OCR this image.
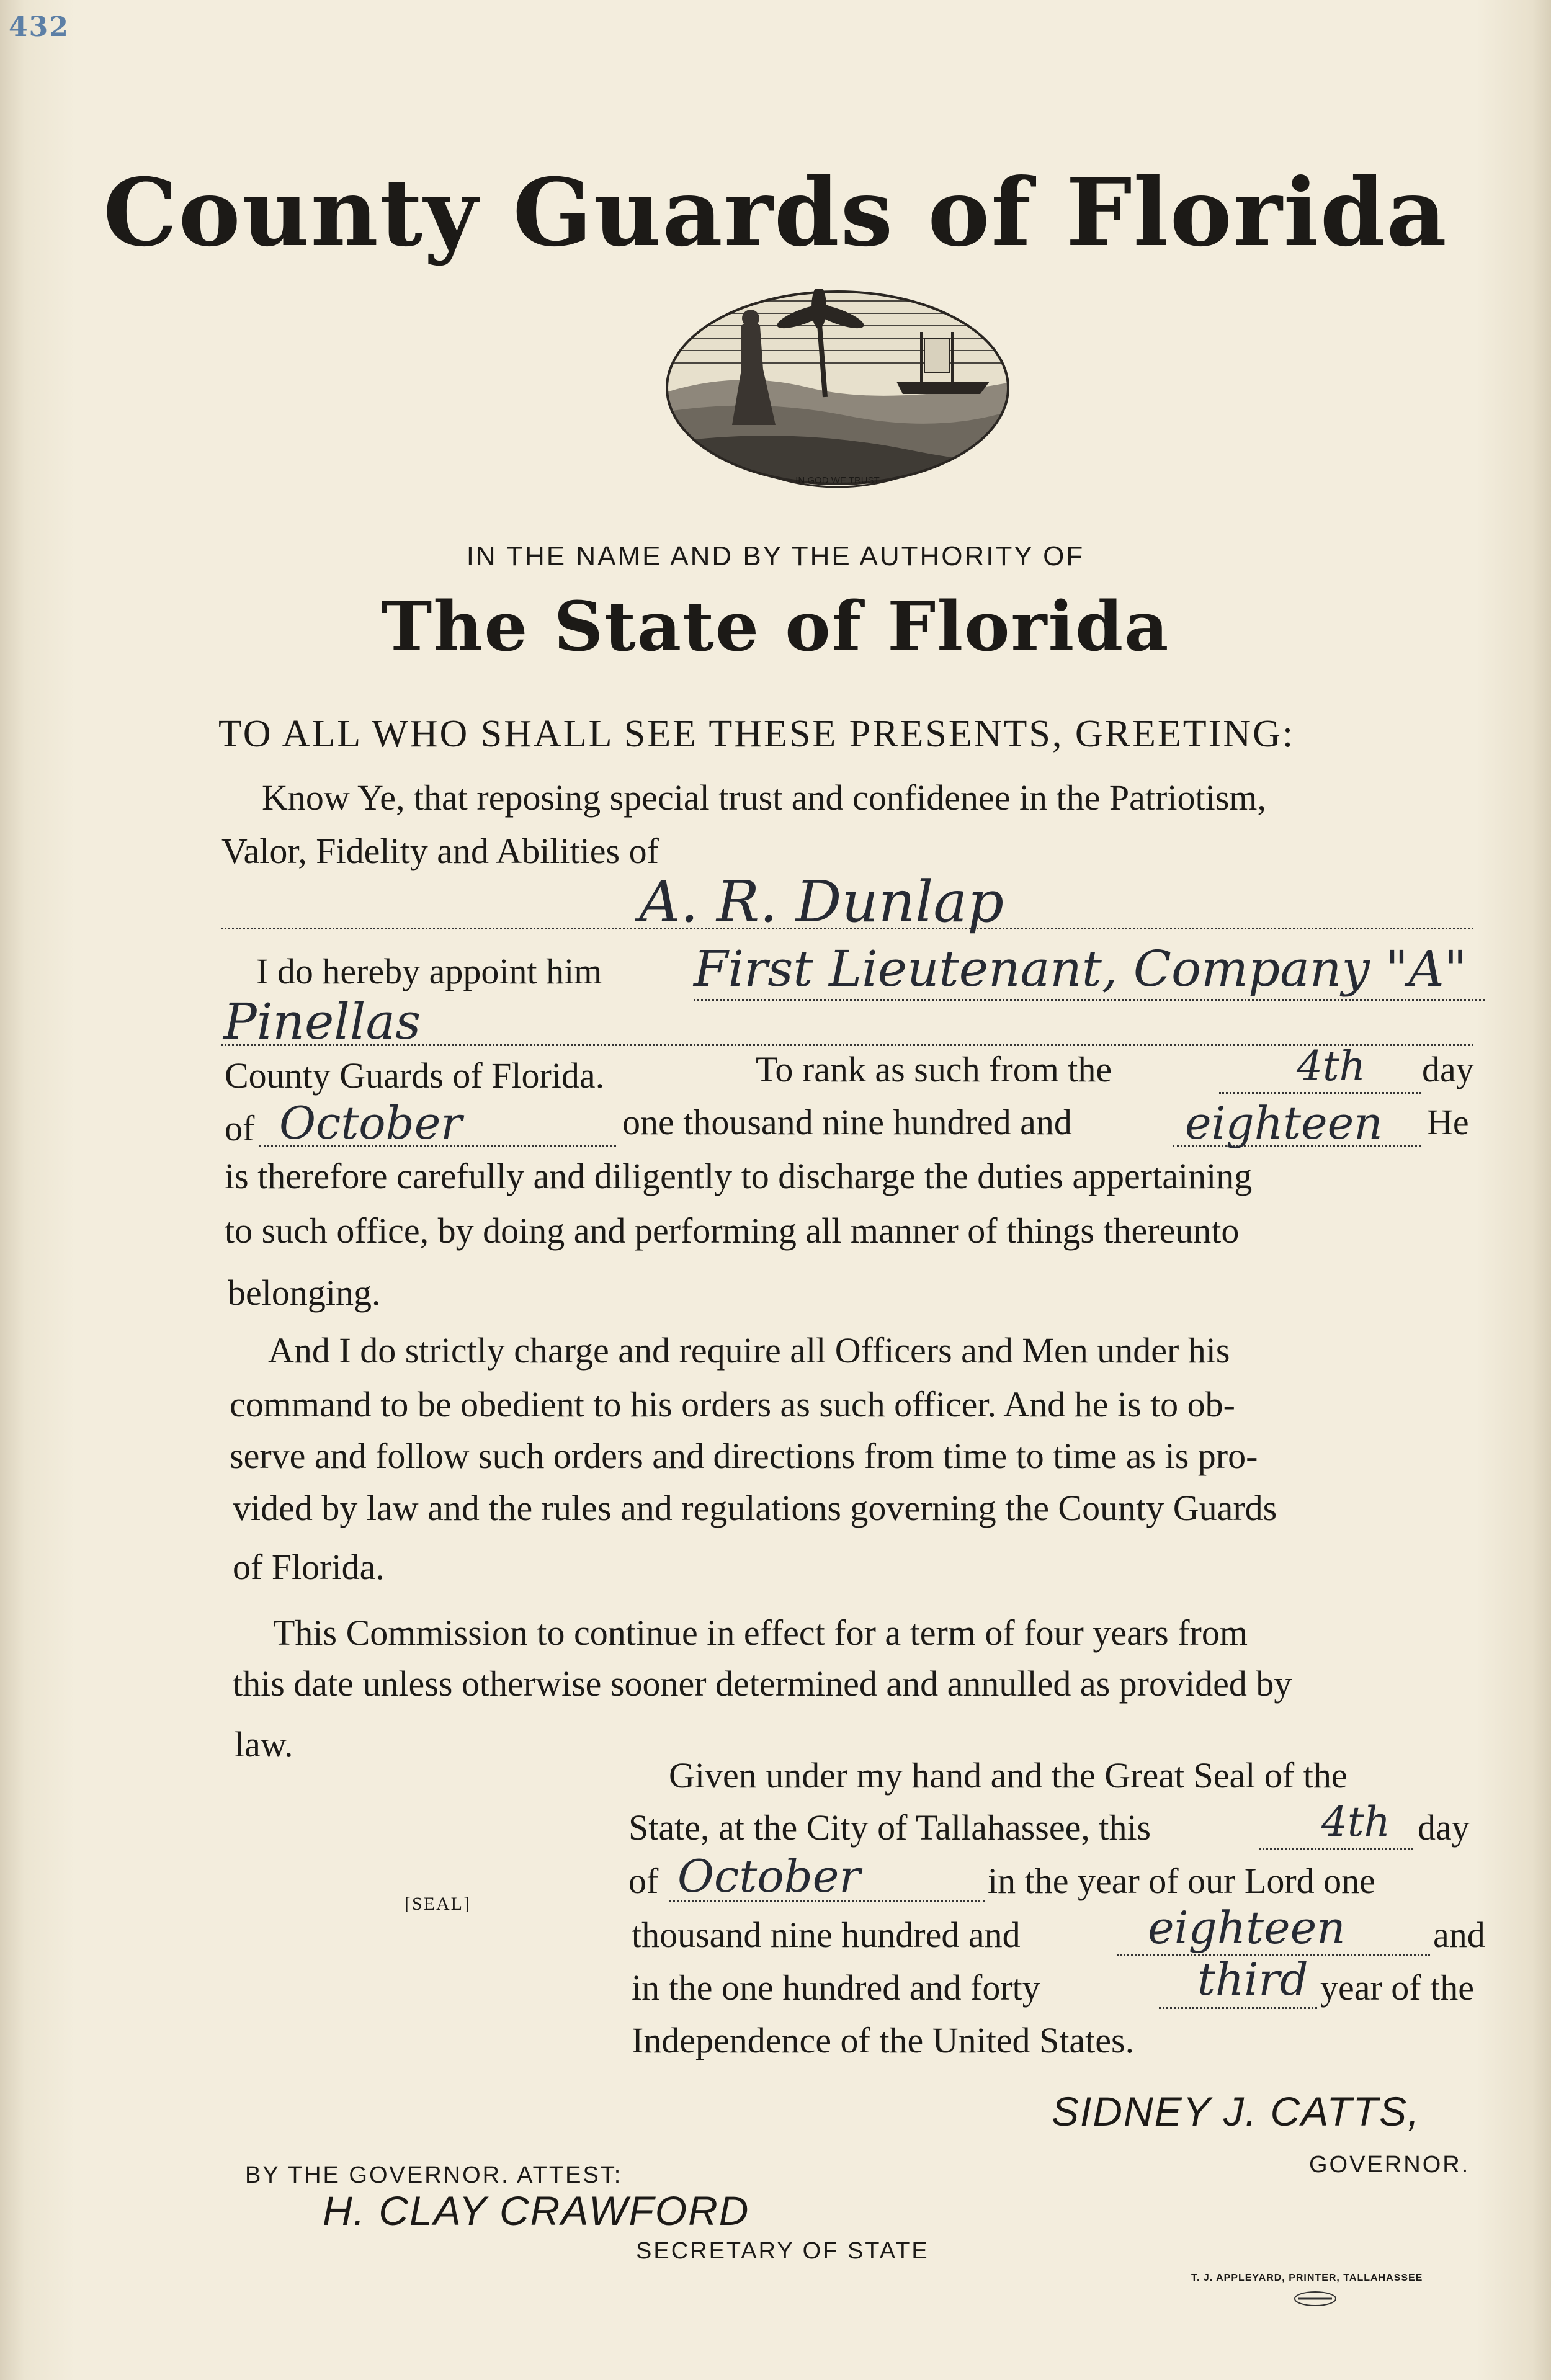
432
County Guards of Florida
IN GOD WE TRUST
IN THE NAME AND BY THE AUTHORITY OF
The State of Florida
TO ALL WHO SHALL SEE THESE PRESENTS, GREETING:
Know Ye, that reposing special trust and confidenee in the Patriotism,
Valor, Fidelity and Abilities of
A. R. Dunlap
I do hereby appoint him First Lieutenant, Company "A"
Pinellas
County Guards of Florida.	To rank as such from the	4th day
of October	one thousand nine hundred and	eighteen He
is therefore carefully and diligently to discharge the duties appertaining
to such office, by doing and performing all manner of things thereunto
belonging.
And I do strictly charge and require all Officers and Men under his
command to be obedient to his orders as such officer. And he is to ob-
serve and follow such orders and directions from time to time as is pro-
vided by law and the rules and regulations governing the County Guards
of Florida.
This Commission to continue in effect for a term of four years from
this date unless otherwise sooner determined and annulled as provided by
law.
Given under my hand and the Great Seal of the
State, at the City of Tallahassee, this	4th day
of October	in the year of our Lord one
[SEAL]
thousand nine hundred and	eighteen and
in the one hundred and forty	third year of the
Independence of the United States.
SIDNEY J. CATTS,
GOVERNOR.
BY THE GOVERNOR. ATTEST:
H. CLAY CRAWFORD
SECRETARY OF STATE
T. J. APPLEYARD, PRINTER, TALLAHASSEE
